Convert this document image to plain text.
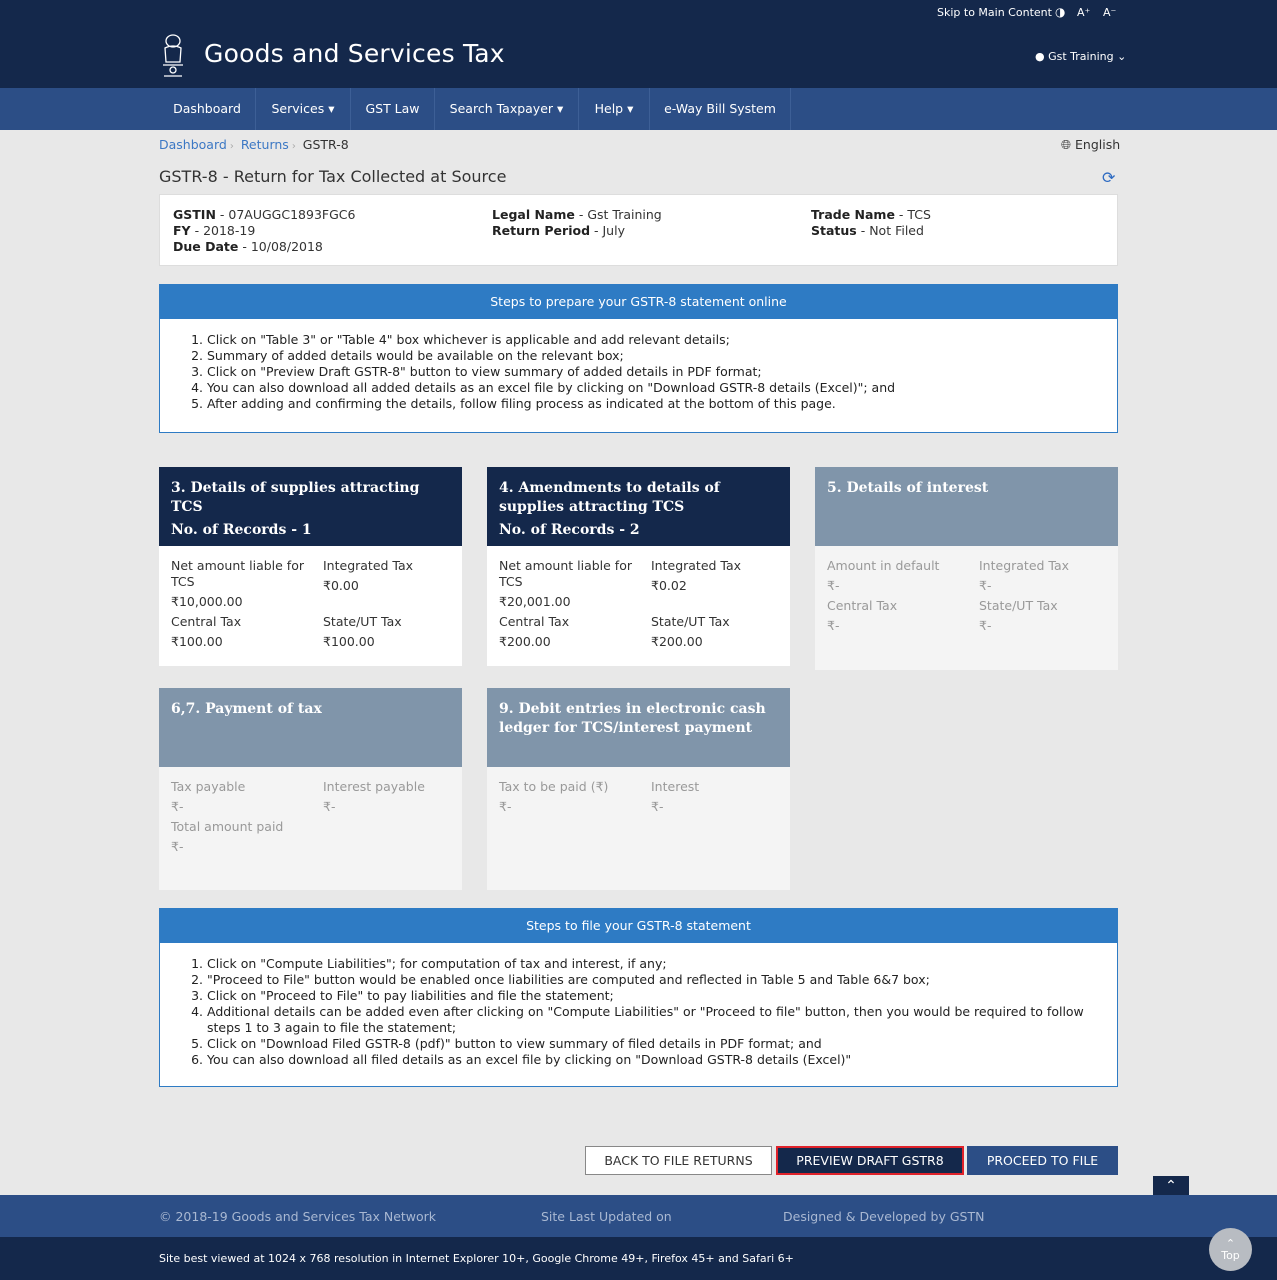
Skip to Main Content ◑ A⁺ A⁻
Goods and Services Tax	● Gst Training ⌄
Dashboard	Services ▾	GST Law	Search Taxpayer ▾	Help ▾	e-Way Bill System
Dashboard › Returns › GSTR-8	🌐︎ English
GSTR-8 - Return for Tax Collected at Source	⟳
GSTIN - 07AUGGC1893FGC6
FY - 2018-19
Due Date - 10/08/2018
Legal Name - Gst Training
Return Period - July
Trade Name - TCS
Status - Not Filed
Steps to prepare your GSTR-8 statement online
1. Click on "Table 3" or "Table 4" box whichever is applicable and add relevant details;
2. Summary of added details would be available on the relevant box;
3. Click on "Preview Draft GSTR-8" button to view summary of added details in PDF format;
4. You can also download all added details as an excel file by clicking on "Download GSTR-8 details (Excel)"; and
5. After adding and confirming the details, follow filing process as indicated at the bottom of this page.
3. Details of supplies attracting TCS
No. of Records - 1
Net amount liable for TCS
₹10,000.00
Integrated Tax
₹0.00
Central Tax
₹100.00
State/UT Tax
₹100.00
4. Amendments to details of supplies attracting TCS
No. of Records - 2
Net amount liable for TCS
₹20,001.00
Integrated Tax
₹0.02
Central Tax
₹200.00
State/UT Tax
₹200.00
5. Details of interest
Amount in default
₹-
Integrated Tax
₹-
Central Tax
₹-
State/UT Tax
₹-
6,7. Payment of tax
Tax payable
₹-
Interest payable
₹-
Total amount paid
₹-
9. Debit entries in electronic cash ledger for TCS/interest payment
Tax to be paid (₹)
₹-
Interest
₹-
Steps to file your GSTR-8 statement
1. Click on "Compute Liabilities"; for computation of tax and interest, if any;
2. "Proceed to File" button would be enabled once liabilities are computed and reflected in Table 5 and Table 6&7 box;
3. Click on "Proceed to File" to pay liabilities and file the statement;
4. Additional details can be added even after clicking on "Compute Liabilities" or "Proceed to file" button, then you would be required to follow steps 1 to 3 again to file the statement;
5. Click on "Download Filed GSTR-8 (pdf)" button to view summary of filed details in PDF format; and
6. You can also download all filed details as an excel file by clicking on "Download GSTR-8 details (Excel)"
BACK TO FILE RETURNS	PREVIEW DRAFT GSTR8	PROCEED TO FILE
⌃
© 2018-19 Goods and Services Tax Network	Site Last Updated on	Designed & Developed by GSTN
Site best viewed at 1024 x 768 resolution in Internet Explorer 10+, Google Chrome 49+, Firefox 45+ and Safari 6+
⌃
Top
